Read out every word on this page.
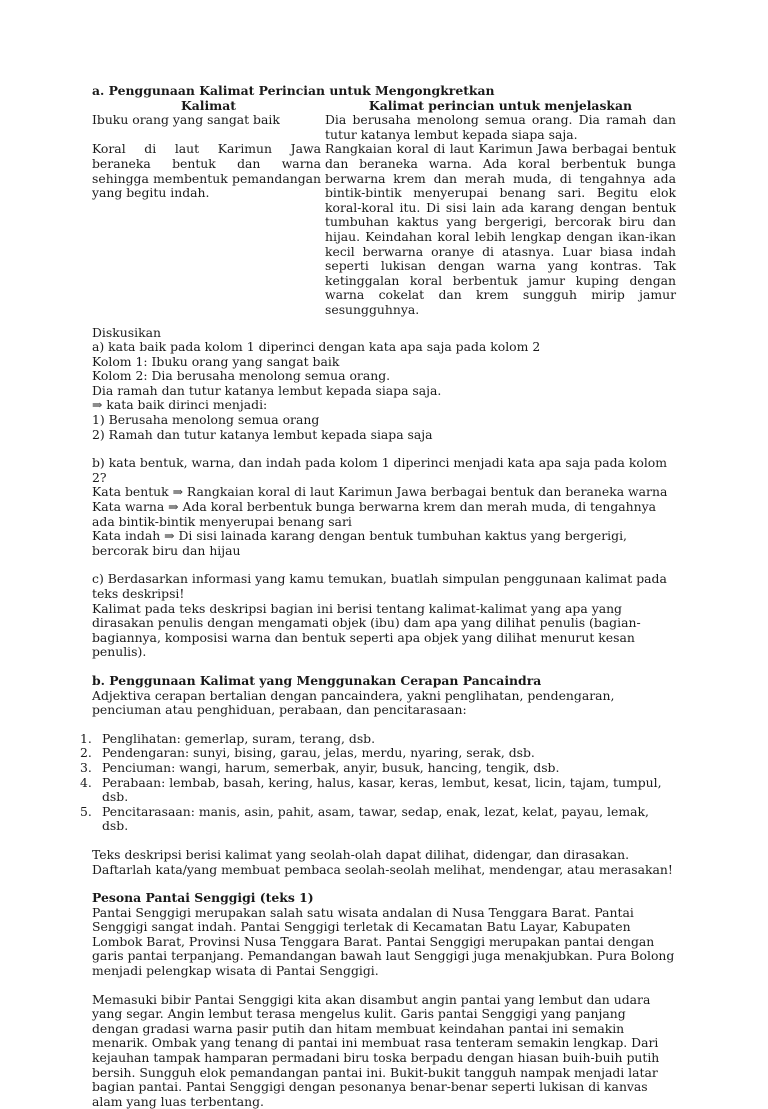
a. Penggunaan Kalimat Perincian untuk Mengongkretkan

Kalimat	Kalimat perincian untuk menjelaskan
Ibuku orang yang sangat baik	Dia berusaha menolong semua orang. Dia ramah dan tutur katanya lembut kepada siapa saja.
Koral di laut Karimun Jawa beraneka bentuk dan warna sehingga membentuk pemandangan yang begitu indah.	Rangkaian koral di laut Karimun Jawa berbagai bentuk dan beraneka warna. Ada koral berbentuk bunga berwarna krem dan merah muda, di tengahnya ada bintik-bintik menyerupai benang sari. Begitu elok koral-koral itu. Di sisi lain ada karang dengan bentuk tumbuhan kaktus yang bergerigi, bercorak biru dan hijau. Keindahan koral lebih lengkap dengan ikan-ikan kecil berwarna oranye di atasnya. Luar biasa indah seperti lukisan dengan warna yang kontras. Tak ketinggalan koral berbentuk jamur kuping dengan warna cokelat dan krem sungguh mirip jamur sesungguhnya.

Diskusikan

a) kata baik pada kolom 1 diperinci dengan kata apa saja pada kolom 2

Kolom 1: Ibuku orang yang sangat baik

Kolom 2: Dia berusaha menolong semua orang.

Dia ramah dan tutur katanya lembut kepada siapa saja.

⇒ kata baik dirinci menjadi:

1) Berusaha menolong semua orang

2) Ramah dan tutur katanya lembut kepada siapa saja

b) kata bentuk, warna, dan indah pada kolom 1 diperinci menjadi kata apa saja pada kolom 2?

Kata bentuk ⇒ Rangkaian koral di laut Karimun Jawa berbagai bentuk dan beraneka warna

Kata warna ⇒ Ada koral berbentuk bunga berwarna krem dan merah muda, di tengahnya ada bintik-bintik menyerupai benang sari

Kata indah ⇒ Di sisi lainada karang dengan bentuk tumbuhan kaktus yang bergerigi, bercorak biru dan hijau

c) Berdasarkan informasi yang kamu temukan, buatlah simpulan penggunaan kalimat pada teks deskripsi!

Kalimat pada teks deskripsi bagian ini berisi tentang kalimat-kalimat yang apa yang dirasakan penulis dengan mengamati objek (ibu) dam apa yang dilihat penulis (bagian-bagiannya, komposisi warna dan bentuk seperti apa objek yang dilihat menurut kesan penulis).

b. Penggunaan Kalimat yang Menggunakan Cerapan Pancaindra

Adjektiva cerapan bertalian dengan pancaindera, yakni penglihatan, pendengaran, penciuman atau penghiduan, perabaan, dan pencitarasaan:

1. Penglihatan: gemerlap, suram, terang, dsb.
2. Pendengaran: sunyi, bising, garau, jelas, merdu, nyaring, serak, dsb.
3. Penciuman: wangi, harum, semerbak, anyir, busuk, hancing, tengik, dsb.
4. Perabaan: lembab, basah, kering, halus, kasar, keras, lembut, kesat, licin, tajam, tumpul, dsb.
5. Pencitarasaan: manis, asin, pahit, asam, tawar, sedap, enak, lezat, kelat, payau, lemak, dsb.

Teks deskripsi berisi kalimat yang seolah-olah dapat dilihat, didengar, dan dirasakan. Daftarlah kata/yang membuat pembaca seolah-seolah melihat, mendengar, atau merasakan!

Pesona Pantai Senggigi (teks 1)

Pantai Senggigi merupakan salah satu wisata andalan di Nusa Tenggara Barat. Pantai Senggigi sangat indah. Pantai Senggigi terletak di Kecamatan Batu Layar, Kabupaten Lombok Barat, Provinsi Nusa Tenggara Barat. Pantai Senggigi merupakan pantai dengan garis pantai terpanjang. Pemandangan bawah laut Senggigi juga menakjubkan. Pura Bolong menjadi pelengkap wisata di Pantai Senggigi.

Memasuki bibir Pantai Senggigi kita akan disambut angin pantai yang lembut dan udara yang segar. Angin lembut terasa mengelus kulit. Garis pantai Senggigi yang panjang dengan gradasi warna pasir putih dan hitam membuat keindahan pantai ini semakin menarik. Ombak yang tenang di pantai ini membuat rasa tenteram semakin lengkap. Dari kejauhan tampak hamparan permadani biru toska berpadu dengan hiasan buih-buih putih bersih. Sungguh elok pemandangan pantai ini. Bukit-bukit tangguh nampak menjadi latar bagian pantai. Pantai Senggigi dengan pesonanya benar-benar seperti lukisan di kanvas alam yang luas terbentang.
